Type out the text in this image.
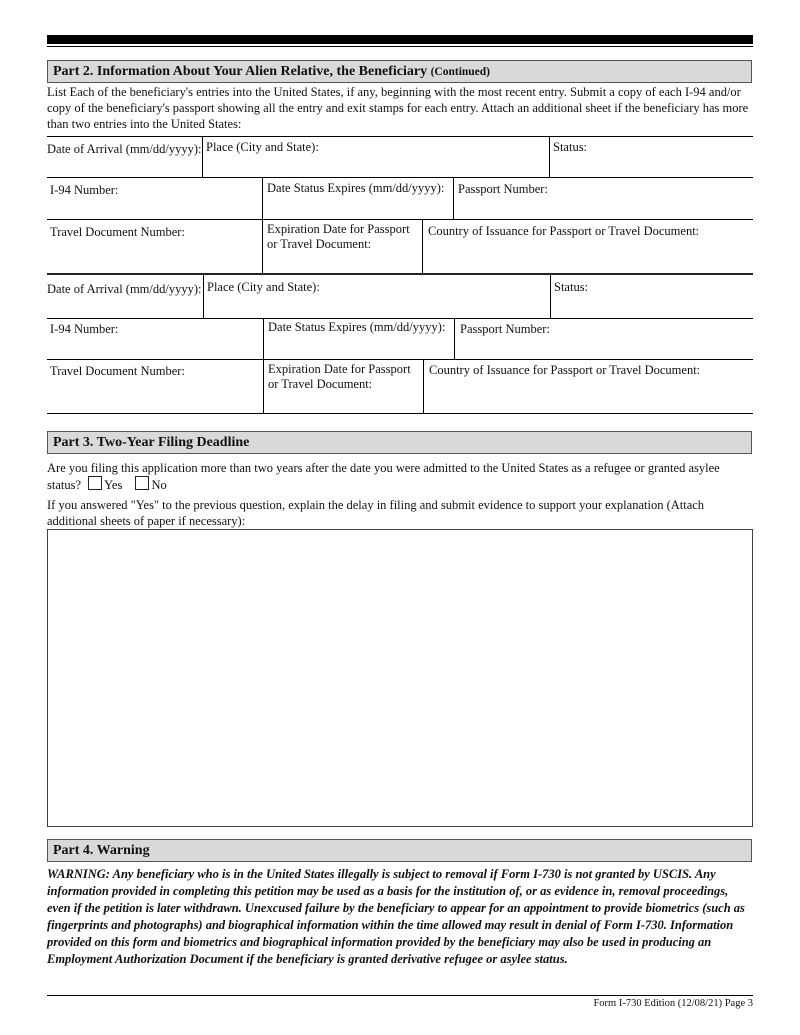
Part 2. Information About Your Alien Relative, the Beneficiary (Continued)

List Each of the beneficiary's entries into the United States, if any, beginning with the most recent entry. Submit a copy of each I-94 and/or copy of the beneficiary's passport showing all the entry and exit stamps for each entry. Attach an additional sheet if the beneficiary has more than two entries into the United States:

Date of Arrival (mm/dd/yyyy): Place (City and State):	Status:
I-94 Number:	Date Status Expires (mm/dd/yyyy): Passport Number:
Travel Document Number:	Expiration Date for Passport
or Travel Document:
Country of Issuance for Passport or Travel Document:
Date of Arrival (mm/dd/yyyy): Place (City and State):	Status:
I-94 Number:	Date Status Expires (mm/dd/yyyy): Passport Number:
Travel Document Number:	Expiration Date for Passport
or Travel Document:
Country of Issuance for Passport or Travel Document:
Part 3. Two-Year Filing Deadline
Are you filing this application more than two years after the date you were admitted to the United States as a refugee or granted asylee
status? Yes No
If you answered "Yes" to the previous question, explain the delay in filing and submit evidence to support your explanation (Attach
additional sheets of paper if necessary):
Part 4. Warning

WARNING: Any beneficiary who is in the United States illegally is subject to removal if Form I-730 is not granted by USCIS. Any information provided in completing this petition may be used as a basis for the institution of, or as evidence in, removal proceedings, even if the petition is later withdrawn. Unexcused failure by the beneficiary to appear for an appointment to provide biometrics (such as fingerprints and photographs) and biographical information within the time allowed may result in denial of Form I-730. Information provided on this form and biometrics and biographical information provided by the beneficiary may also be used in producing an Employment Authorization Document if the beneficiary is granted derivative refugee or asylee status.

Form I-730 Edition (12/08/21) Page 3
